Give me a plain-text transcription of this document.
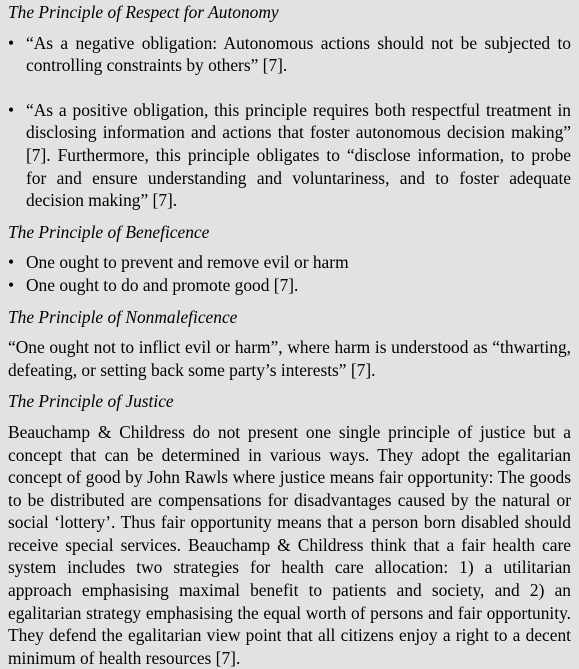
The Principle of Respect for Autonomy

• “As a negative obligation: Autonomous actions should not be subjected to controlling constraints by others” [7].
• “As a positive obligation, this principle requires both respectful treatment in disclosing information and actions that foster autonomous decision making” [7]. Furthermore, this principle obligates to “disclose information, to probe for and ensure understanding and voluntariness, and to foster adequate decision making” [7].

The Principle of Beneficence

• One ought to prevent and remove evil or harm
• One ought to do and promote good [7].

The Principle of Nonmaleficence

“One ought not to inflict evil or harm”, where harm is understood as “thwarting, defeating, or setting back some party’s interests” [7].

The Principle of Justice

Beauchamp & Childress do not present one single principle of justice but a concept that can be determined in various ways. They adopt the egalitarian concept of good by John Rawls where justice means fair opportunity: The goods to be distributed are compensations for disadvantages caused by the natural or social ‘lottery’. Thus fair opportunity means that a person born disabled should receive special services. Beauchamp & Childress think that a fair health care system includes two strategies for health care allocation: 1) a utilitarian approach emphasising maximal benefit to patients and society, and 2) an egalitarian strategy emphasising the equal worth of persons and fair opportunity. They defend the egalitarian view point that all citizens enjoy a right to a decent minimum of health resources [7].
